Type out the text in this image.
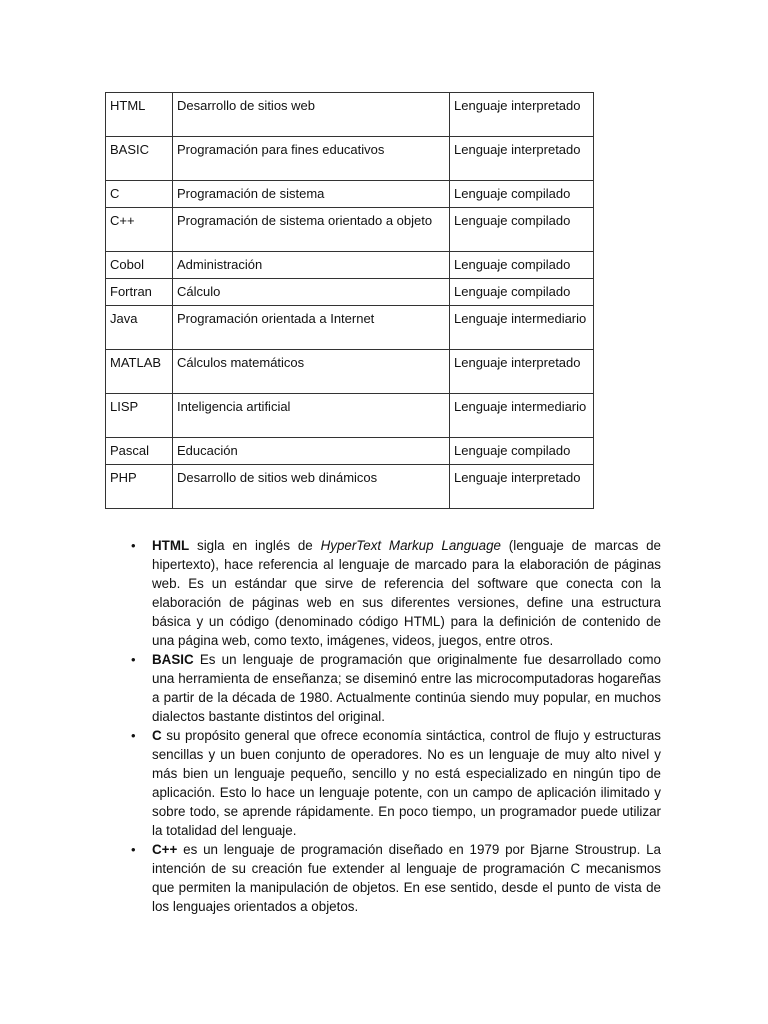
HTML	Desarrollo de sitios web	Lenguaje interpretado
BASIC	Programación para fines educativos	Lenguaje interpretado
C	Programación de sistema	Lenguaje compilado
C++	Programación de sistema orientado a objeto	Lenguaje compilado
Cobol	Administración	Lenguaje compilado
Fortran	Cálculo	Lenguaje compilado
Java	Programación orientada a Internet	Lenguaje intermediario
MATLAB	Cálculos matemáticos	Lenguaje interpretado
LISP	Inteligencia artificial	Lenguaje intermediario
Pascal	Educación	Lenguaje compilado
PHP	Desarrollo de sitios web dinámicos	Lenguaje interpretado
• HTML sigla en inglés de HyperText Markup Language (lenguaje de marcas de hipertexto), hace referencia al lenguaje de marcado para la elaboración de páginas web. Es un estándar que sirve de referencia del software que conecta con la elaboración de páginas web en sus diferentes versiones, define una estructura básica y un código (denominado código HTML) para la definición de contenido de una página web, como texto, imágenes, videos, juegos, entre otros.
• BASIC Es un lenguaje de programación que originalmente fue desarrollado como una herramienta de enseñanza; se diseminó entre las microcomputadoras hogareñas a partir de la década de 1980. Actualmente continúa siendo muy popular, en muchos dialectos bastante distintos del original.
• C su propósito general que ofrece economía sintáctica, control de flujo y estructuras sencillas y un buen conjunto de operadores. No es un lenguaje de muy alto nivel y más bien un lenguaje pequeño, sencillo y no está especializado en ningún tipo de aplicación. Esto lo hace un lenguaje potente, con un campo de aplicación ilimitado y sobre todo, se aprende rápidamente. En poco tiempo, un programador puede utilizar la totalidad del lenguaje.
• C++ es un lenguaje de programación diseñado en 1979 por Bjarne Stroustrup. La intención de su creación fue extender al lenguaje de programación C mecanismos que permiten la manipulación de objetos. En ese sentido, desde el punto de vista de los lenguajes orientados a objetos.
